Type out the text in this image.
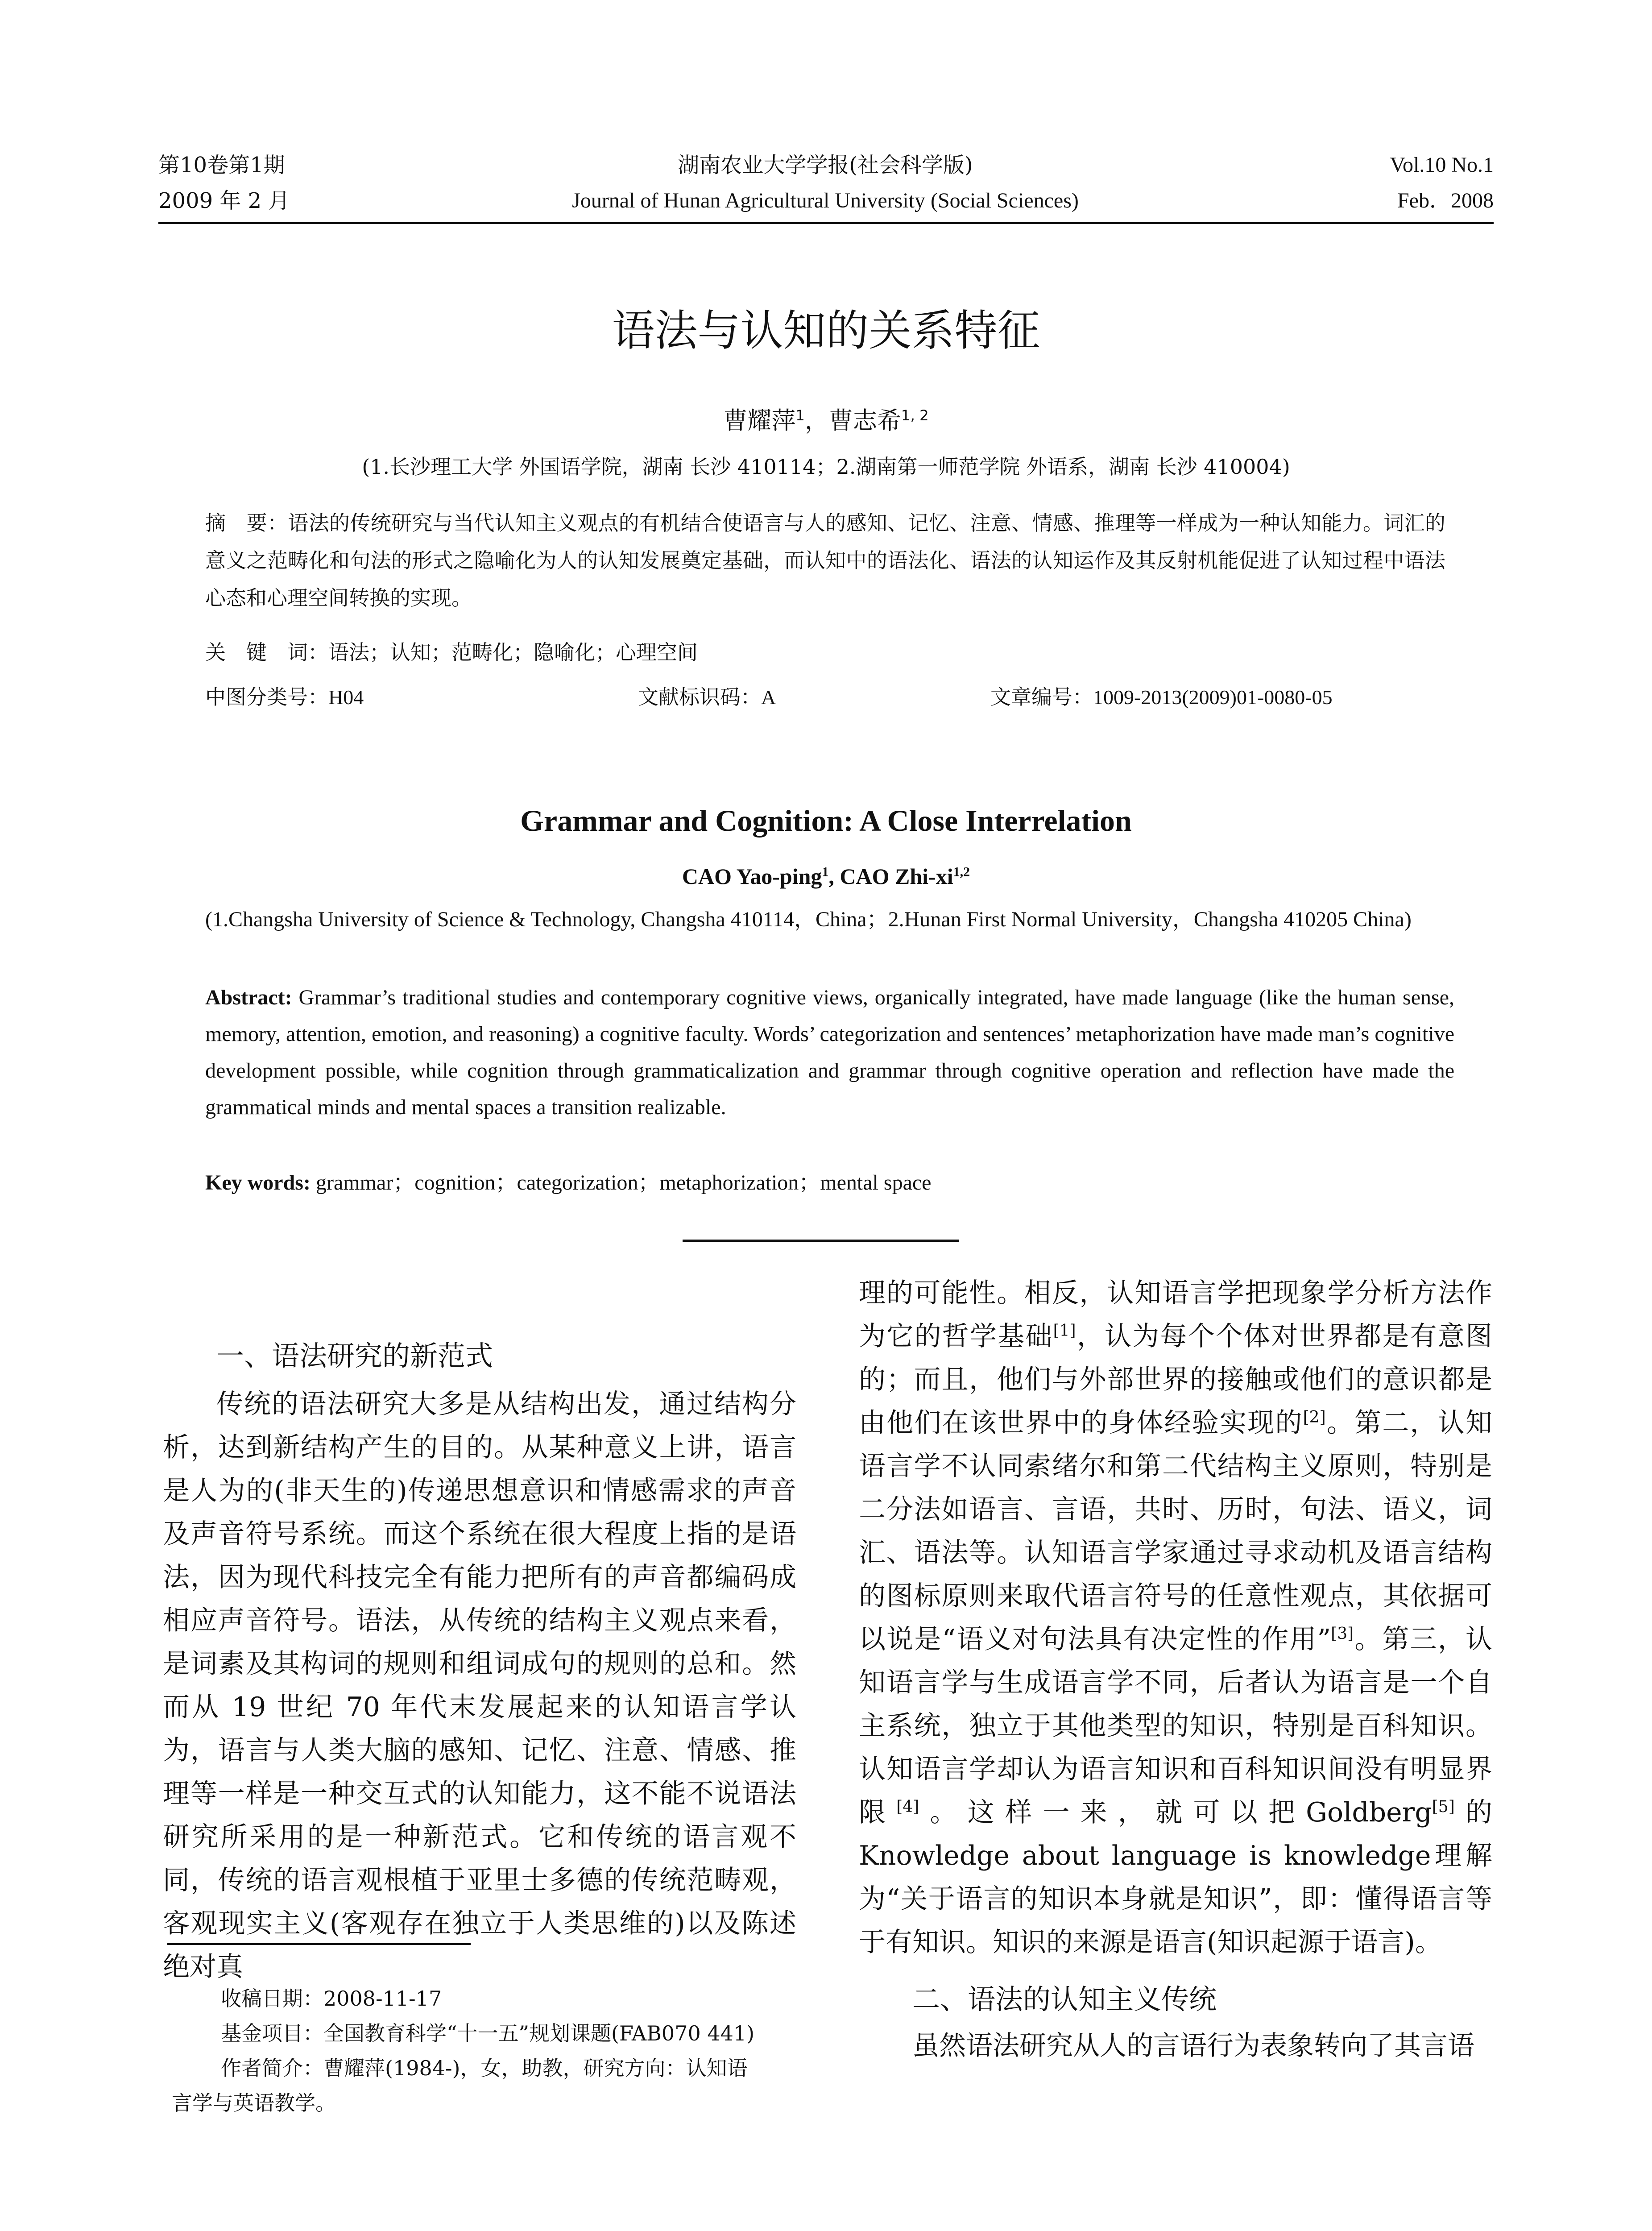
第10卷第1期
2009 年 2 月
湖南农业大学学报(社会科学版)
Journal of Hunan Agricultural University (Social Sciences)
Vol.10 No.1
Feb．2008
语法与认知的关系特征
曹耀萍$^1$，曹志希$^{1, 2}$
(1.长沙理工大学 外国语学院，湖南 长沙 410114；2.湖南第一师范学院 外语系，湖南 长沙 410004)
摘　要：语法的传统研究与当代认知主义观点的有机结合使语言与人的感知、记忆、注意、情感、推理等一样成为一种认知能力。词汇的意义之范畴化和句法的形式之隐喻化为人的认知发展奠定基础，而认知中的语法化、语法的认知运作及其反射机能促进了认知过程中语法心态和心理空间转换的实现。
关　键　词：语法；认知；范畴化；隐喻化；心理空间
中图分类号：H04	文献标识码：A	文章编号：1009-2013(2009)01-0080-05
Grammar and Cognition: A Close Interrelation
CAO Yao-ping$^1$, CAO Zhi-xi$^{1,2}$
(1.Changsha University of Science & Technology, Changsha 410114，China；2.Hunan First Normal University，Changsha 410205 China)
Abstract: Grammar’s traditional studies and contemporary cognitive views, organically integrated, have made language (like the human sense, memory, attention, emotion, and reasoning) a cognitive faculty. Words’ categorization and sentences’ metaphorization have made man’s cognitive development possible, while cognition through grammaticalization and grammar through cognitive operation and reflection have made the grammatical minds and mental spaces a transition realizable.
Key words: grammar；cognition；categorization；metaphorization；mental space

一、语法研究的新范式

传统的语法研究大多是从结构出发，通过结构分析，达到新结构产生的目的。从某种意义上讲，语言是人为的(非天生的)传递思想意识和情感需求的声音及声音符号系统。而这个系统在很大程度上指的是语法，因为现代科技完全有能力把所有的声音都编码成相应声音符号。语法，从传统的结构主义观点来看，是词素及其构词的规则和组词成句的规则的总和。然而从 19 世纪 70 年代末发展起来的认知语言学认为，语言与人类大脑的感知、记忆、注意、情感、推理等一样是一种交互式的认知能力，这不能不说语法研究所采用的是一种新范式。它和传统的语言观不同，传统的语言观根植于亚里士多德的传统范畴观，客观现实主义(客观存在独立于人类思维的)以及陈述绝对真

理的可能性。相反，认知语言学把现象学分析方法作为它的哲学基础[1]，认为每个个体对世界都是有意图的；而且，他们与外部世界的接触或他们的意识都是由他们在该世界中的身体经验实现的[2]。第二，认知语言学不认同索绪尔和第二代结构主义原则，特别是二分法如语言、言语，共时、历时，句法、语义，词汇、语法等。认知语言学家通过寻求动机及语言结构的图标原则来取代语言符号的任意性观点，其依据可以说是“语义对句法具有决定性的作用”[3]。第三，认知语言学与生成语言学不同，后者认为语言是一个自主系统，独立于其他类型的知识，特别是百科知识。认知语言学却认为语言知识和百科知识间没有明显界限[4]。这样一来，就可以把Goldberg[5]的Knowledge about language is knowledge理解为“关于语言的知识本身就是知识”，即：懂得语言等于有知识。知识的来源是语言(知识起源于语言)。

二、语法的认知主义传统

虽然语法研究从人的言语行为表象转向了其言语

收稿日期：2008-11-17

基金项目：全国教育科学“十一五”规划课题(FAB070 441)

作者简介：曹耀萍(1984-)，女，助教，研究方向：认知语

言学与英语教学。
